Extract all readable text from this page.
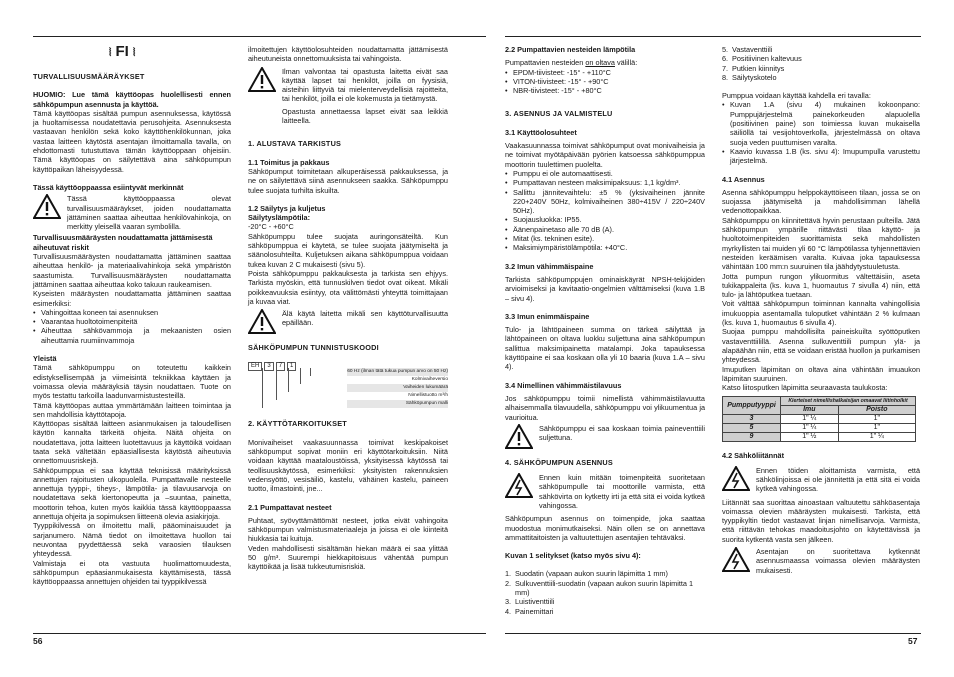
⦚ FI ⦚

TURVALLISUUSMÄÄRÄYKSET

HUOMIO: Lue tämä käyttöopas huolellisesti ennen sähköpumpun asennusta ja käyttöä.

Tämä käyttöopas sisältää pumpun asennuksessa, käytössä ja huoltamisessa noudatettavia perusohjeita. Asennuksesta vastaavan henkilön sekä koko käyttöhenkilökunnan, joka vastaa laitteen käytöstä asentajan ilmoittamalla tavalla, on ehdottomasti tutustuttava tämän käyttöoppaan ohjeisiin. Tämä käyttöopas on säilytettävä aina sähköpumpun käyttöpaikan läheisyydessä.

Tässä käyttöoppaassa esiintyvät merkinnät

Tässä käyttöoppaassa olevat turvallisuusmääräykset, joiden noudattamatta jättäminen saattaa aiheuttaa henkilövahinkoja, on merkitty yleisellä vaaran symbolilla.

Turvallisuusmääräysten noudattamatta jättämisestä aiheutuvat riskit

Turvallisuusmääräysten noudattamatta jättäminen saattaa aiheuttaa henkilö- ja materiaalivahinkoja sekä ympäristön saastumista. Turvallisuusmääräysten noudattamatta jättäminen saattaa aiheuttaa koko takuun raukeamisen.

Kyseisten määräysten noudattamatta jättäminen saattaa esimerkiksi:

• Vahingoittaa koneen tai asennuksen

• Vaarantaa huoltotoimenpiteitä

• Aiheuttaa sähkövammoja ja mekaanisten osien aiheuttamia ruumiinvammoja

Yleistä

Tämä sähköpumppu on toteutettu kaikkein edistyksellisempää ja viimeisintä tekniikkaa käyttäen ja voimassa olevia määräyksiä täysin noudattaen. Tuote on myös testattu tarkoilla laadunvarmistustesteillä.

Tämä käyttöopas auttaa ymmärtämään laitteen toimintaa ja sen mahdollisia käyttötapoja.

Käyttöopas sisältää laitteen asianmukaisen ja taloudellisen käytön kannalta tärkeitä ohjeita. Näitä ohjeita on noudatettava, jotta laitteen luotettavuus ja käyttöikä voidaan taata sekä vältetään epäasiallisesta käytöstä aiheutuvia onnettomuusriskejä.

Sähköpumppua ei saa käyttää teknisissä määrityksissä annettujen rajoitusten ulkopuolella. Pumpattavalle nesteelle annettuja tyyppi-, tiheys-, lämpötila- ja tilavuusarvoja on noudatettava sekä kiertonopeutta ja –suuntaa, painetta, moottorin tehoa, kuten myös kaikkia tässä käyttöoppaassa annettuja ohjeita ja sopimuksen liitteenä olevia asiakirjoja.

Tyyppikilvessä on ilmoitettu malli, pääominaisuudet ja sarjanumero. Nämä tiedot on ilmoitettava huollon tai neuvontaa pyydettäessä sekä varaosien tilauksen yhteydessä.

Valmistaja ei ota vastuuta huolimattomuudesta, sähköpumpun epäasianmukaisesta käyttämisestä, tässä käyttöoppaassa annettujen ohjeiden tai tyyppikilvessä

ilmoitettujen käyttöolosuhteiden noudattamatta jättämisestä aiheutuneista onnettomuuksista tai vahingoista.

Ilman valvontaa tai opastusta laitetta eivät saa käyttää lapset tai henkilöt, joilla on fyysisiä, aisteihin liittyviä tai mielenterveydellisiä rajoitteita, tai henkilöt, joilla ei ole kokemusta ja tietämystä.

Opastusta annettaessa lapset eivät saa leikkiä laitteella.

1. ALUSTAVA TARKISTUS

1.1 Toimitus ja pakkaus

Sähköpumput toimitetaan alkuperäisessä pakkauksessa, ja ne on säilytettävä siinä asennukseen saakka. Sähköpumppu tulee suojata turhilta iskuilta.

1.2 Säilytys ja kuljetus

Säilytyslämpötila:

-20°C - +60°C

Sähköpumppu tulee suojata auringonsäteiltä. Kun sähköpumppua ei käytetä, se tulee suojata jäätymiseltä ja säänolosuhteilta. Kuljetuksen aikana sähköpumppua voidaan tukea kuvan 2 C mukaisesti (sivu 5).

Poista sähköpumppu pakkauksesta ja tarkista sen ehjyys. Tarkista myöskin, että tunnuskilven tiedot ovat oikeat. Mikäli poikkeavuuksia esiintyy, ota välittömästi yhteyttä toimittajaan ja kuvaa viat.

Älä käytä laitetta mikäli sen käyttöturvallisuutta epäillään.

SÄHKÖPUMPUN TUNNISTUSKOODI

EH 3 7 1

60 Hz (ilman tätä tukua pumpun arvo on 50 Hz)

Kolmivaiheversio

Vaiheiden lukumäärä

Nimellistuotto m³/h

Sähköpumpun malli

2. KÄYTTÖTARKOITUKSET

Monivaiheiset vaakasuunnassa toimivat keskipakoiset sähköpumput sopivat moniin eri käyttötarkoituksiin. Niitä voidaan käyttää maataloustöissä, yksityisessä käytössä tai teollisuuskäytössä, esimerkiksi: yksityisten rakennuksien vedensyöttö, vesisäiliö, kastelu, vähäinen kastelu, paineen tuotto, ilmastointi, jne...

2.1 Pumpattavat nesteet

Puhtaat, syövyttämättömät nesteet, jotka eivät vahingoita sähköpumpun valmistusmateriaaleja ja joissa ei ole kiinteitä hiukkasia tai kuituja.

Veden mahdollisesti sisältämän hiekan määrä ei saa ylittää 50 g/m³. Suurempi hiekkapitoisuus vähentää pumpun käyttöikää ja lisää tukkeutumisriskiä.

2.2 Pumpattavien nesteiden lämpötila

Pumpattavien nesteiden on oltava välillä:

• EPDM-tiivisteet: -15° - +110°C

• VITON-tiivisteet: -15° - +90°C

• NBR-tiivisteet: -15° - +80°C

3. ASENNUS JA VALMISTELU

3.1 Käyttöolosuhteet

Vaakasuunnassa toimivat sähköpumput ovat monivaiheisia ja ne toimivat myötäpäivään pyörien katsoessa sähköpumppua moottorin tuulettimen puolelta.

• Pumppu ei ole automaattisesti.

• Pumpattavan nesteen maksimipaksuus: 1,1 kg/dm³.

• Sallittu jännitevaihtelu: ±5 % (yksivaiheinen jännite 220+240V 50Hz, kolmivaiheinen 380÷415V / 220÷240V 50Hz).

• Suojausluokka: IP55.

• Äänenpainetaso alle 70 dB (A).

• Mitat (ks. tekninen esite).

• Maksimiympäristölämpötila: +40°C.

3.2 Imun vähimmäispaine

Tarkista sähköpumppujen ominaiskäyrät NPSH-tekijöiden arvioimiseksi ja kavitaatio-ongelmien välttämiseksi (kuva 1.B – sivu 4).

3.3 Imun enimmäispaine

Tulo- ja lähtöpaineen summa on tärkeä säilyttää ja lähtöpaineen on oltava luokku suljettuna aina sähköpumpun sallittua maksimipainetta matalampi. Joka tapauksessa käyttöpaine ei saa koskaan olla yli 10 baaria (kuva 1.A – sivu 4).

3.4 Nimellinen vähimmäistilavuus

Jos sähköpumppu toimii nimellistä vähimmäistilavuutta alhaisemmalla tilavuudella, sähköpumppu voi ylikuumentua ja vaurioitua.

Sähköpumppu ei saa koskaan toimia paineventtiili suljettuna.

4. SÄHKÖPUMPUN ASENNUS

Ennen kuin mitään toimenpiteitä suoritetaan sähköpumpulle tai moottorille varmista, että sähkövirta on kytketty irti ja että sitä ei voida kytkeä vahingossa.

Sähköpumpun asennus on toimenpide, joka saattaa muodostua monimutkaiseksi. Näin ollen se on annettava ammattitaitoisten ja valtuutettujen asentajien tehtäväksi.

Kuvan 1 selitykset (katso myös sivu 4):

1. Suodatin (vapaan aukon suurin läpimitta 1 mm)

2. Sulkuventtiili-suodatin (vapaan aukon suurin läpimitta 1 mm)

3. Luistiventtiili

4. Painemittari

5. Vastaventtiili

6. Positiivinen kaltevuus

7. Putkien kiinnitys

8. Säilytyskotelo

Pumppua voidaan käyttää kahdella eri tavalla:

• Kuvan 1.A (sivu 4) mukainen kokoonpano: Pumppujärjestelmä painekorkeuden alapuolella (positiivinen paine) son toimiessa kuvan mukaisella säiliöllä tai vesijohtoverkolla, järjestelmässä on oltava suoja veden puuttumisen varalta.

• Kaavio kuvassa 1.B (ks. sivu 4): Imupumpulla varustettu järjestelmä.

4.1 Asennus

Asenna sähköpumppu helppokäyttöiseen tilaan, jossa se on suojassa jäätymiseltä ja mahdollisimman lähellä vedenottopaikkaa.

Sähköpumppu on kiinnitettävä hyvin perustaan pulteilla. Jätä sähköpumpun ympärille riittävästi tilaa käyttö- ja huoltotoimenpiteiden suorittamista sekä mahdollisten myrkyllisten tai muiden yli 60 °C lämpötilassa tyhjennettävien nesteiden keräämisen varalta. Kuivaa joka tapauksessa vähintään 100 mm:n suuruinen tila jäähdytystuuletusta.

Jotta pumpun rungon ylikuormitus vältettäisiin, aseta tukikappaleita (ks. kuva 1, huomautus 7 sivulla 4) niin, että tulo- ja lähtöputkea tuetaan.

Voit välttää sähköpumpun toiminnan kannalta vahingollisia imukuoppia asentamalla tuloputket vähintään 2 % kulmaan (ks. kuva 1, huomautus 6 sivulla 4).

Suojaa pumppu mahdollisilta paineiskuilta syöttöputken vastaventtiilillä. Asenna sulkuventtiili pumpun ylä- ja alapäähän niin, että se voidaan eristää huollon ja purkamisen yhteydessä.

Imuputken läpimitan on oltava aina vähintään imuaukon läpimitan suuruinen.

Katso liitosputken läpimitta seuraavasta taulukosta:

Pumpputyyppi	Kierteiset nimellishalkaisijan omaavat liitinholkit	
	Imu	Poisto
3	1" ¼	1"
5	1" ¼	1"
9	1" ½	1" ¼

4.2 Sähköliitännät

Ennen töiden aloittamista varmista, että sähkölinjoissa ei ole jännitettä ja että sitä ei voida kytkeä vahingossa.

Liitännät saa suorittaa ainoastaan valtuutettu sähköasentaja voimassa olevien määräysten mukaisesti. Tarkista, että tyyppikyltin tiedot vastaavat linjan nimellisarvoja. Varmista, että riittävän tehokas maadoitusjohto on käytettävissä ja suorita kytkentä vasta sen jälkeen.

Asentajan on suoritettava kytkennät asennusmaassa voimassa olevien määräysten mukaisesti.

56	57
